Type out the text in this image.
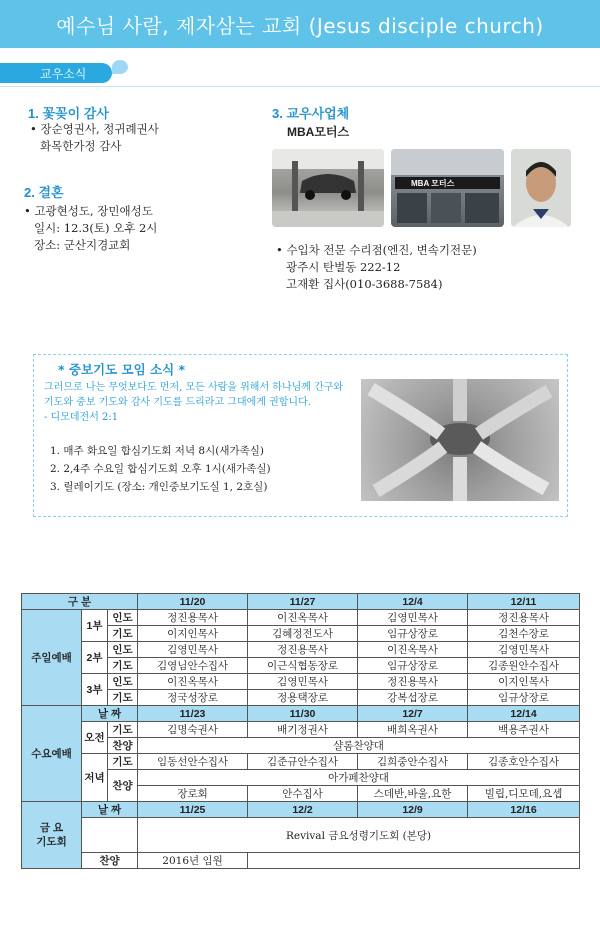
예수님 사람, 제자삼는 교회 (Jesus disciple church)
교우소식
1. 꽃꽂이 감사
• 장순영권사, 정귀례권사
화목한가정 감사
2. 결혼
• 고광현성도, 장민애성도
일시: 12.3(토) 오후 2시
장소: 군산지경교회
3. 교우사업체
MBA모터스
MBA 모터스
• 수입차 전문 수리점(엔진, 변속기전문)
광주시 탄벌동 222-12
고재환 집사(010-3688-7584)
* 중보기도 모임 소식 *
그러므로 나는 무엇보다도 먼저, 모든 사람을 위해서 하나님께 간구와
기도와 중보 기도와 감사 기도를 드리라고 그대에게 권합니다.
- 디모데전서 2:1
1. 매주 화요일 합심기도회 저녁 8시(새가족실)
2. 2,4주 수요일 합심기도회 오후 1시(새가족실)
3. 릴레이기도 (장소: 개인중보기도실 1, 2호실)
구 분			11/20	11/27	12/4	12/11
주일예배	1부	인도	정진용목사	이진옥목사	김영민목사	정진용목사
		기도	이지인목사	김혜정전도사	임규상장로	김천수장로
	2부	인도	김영민목사	정진용목사	이진옥목사	김영민목사
		기도	김영님안수집사	이근식협동장로	임규상장로	김종원안수집사
	3부	인도	이진옥목사	김영민목사	정진용목사	이지인목사
		기도	정국성장로	정용택장로	강복섭장로	임규상장로
수요예배	날 짜		11/23	11/30	12/7	12/14
	오전	기도	김명숙권사	배기정권사	배희옥권사	백용주권사
		찬양	샬롬찬양대			
	저녁	기도	임동선안수집사	김준규안수집사	김희중안수집사	김종호안수집사
		찬양	아가페찬양대			
			장로회	안수집사	스데반,바울,요한	빌립,디모데,요셉
금 요
기도회	날 짜		11/25	12/2	12/9	12/16
			Revival 금요성령기도회 (본당)			

	찬양		2016년 임원			
